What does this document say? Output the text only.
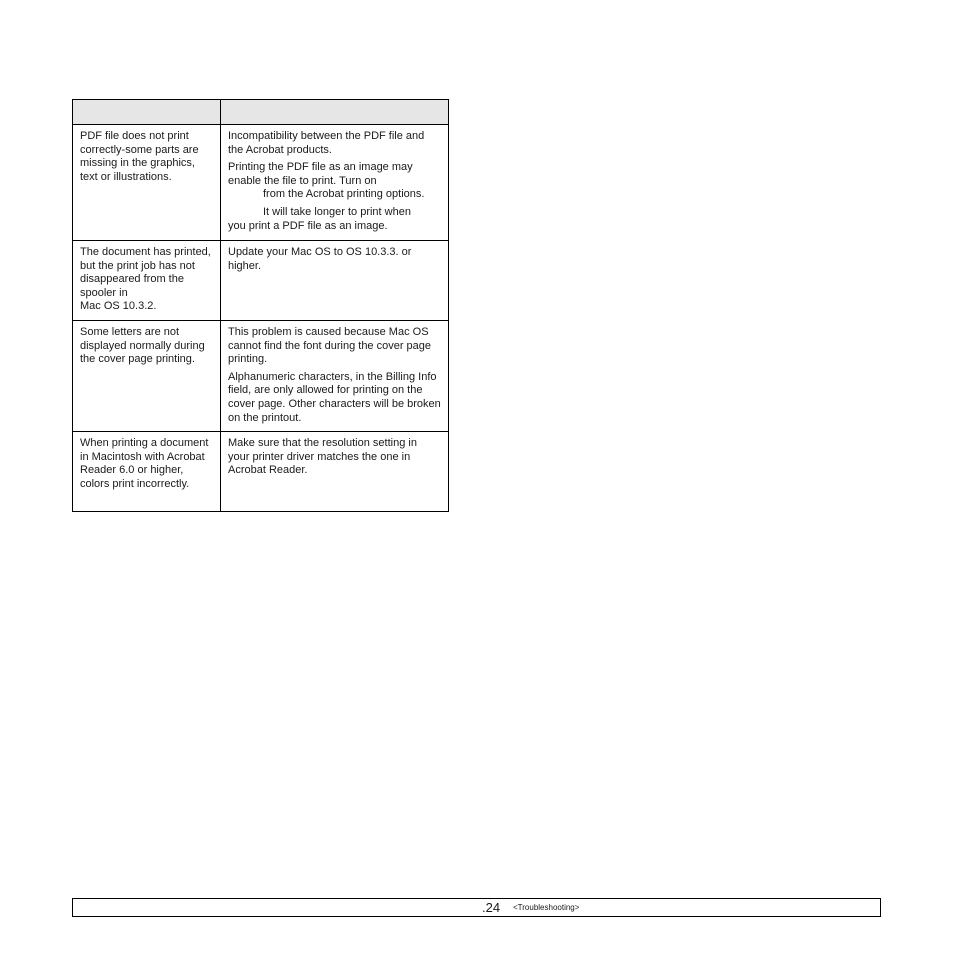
PDF file does not print correctly-some parts are missing in the graphics, text or illustrations.	Incompatibility between the PDF file and the Acrobat products.

Printing the PDF file as an image may enable the file to print. Turn on
from the Acrobat printing options.

It will take longer to print when
you print a PDF file as an image.

The document has printed, but the print job has not disappeared from the spooler in
Mac OS 10.3.2.	Update your Mac OS to OS 10.3.3. or higher.

Some letters are not displayed normally during the cover page printing.	This problem is caused because Mac OS cannot find the font during the cover page printing.

Alphanumeric characters, in the Billing Info field, are only allowed for printing on the cover page. Other characters will be broken on the printout.

When printing a document in Macintosh with Acrobat Reader 6.0 or higher, colors print incorrectly.	Make sure that the resolution setting in your printer driver matches the one in Acrobat Reader.

.24 <Troubleshooting>
